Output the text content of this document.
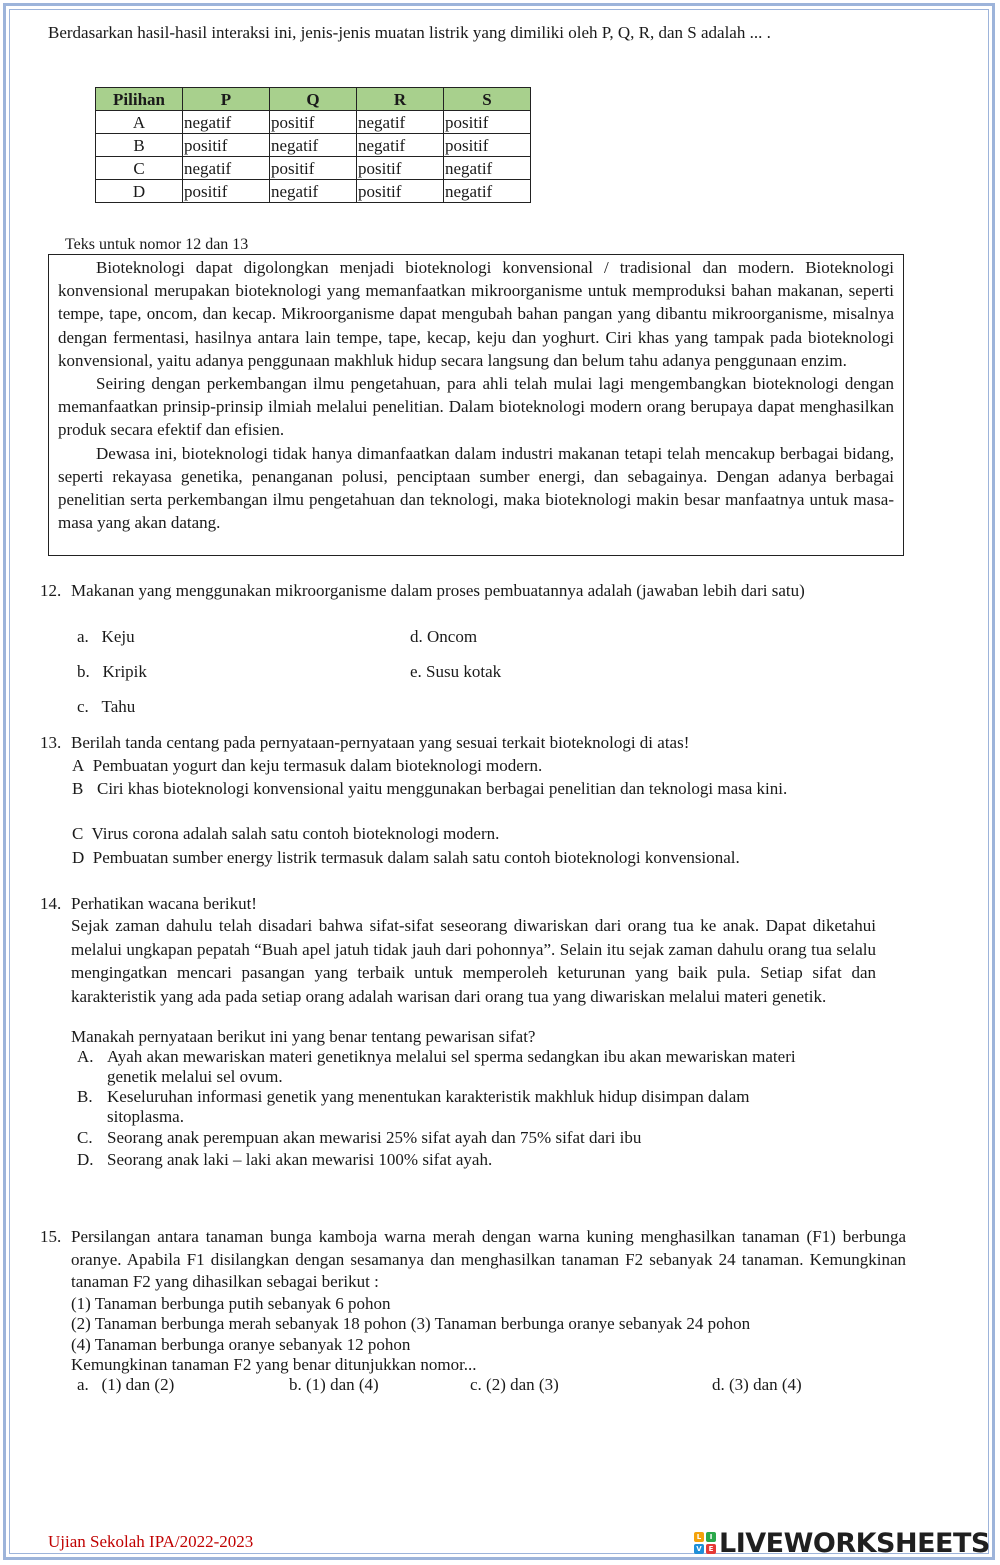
Berdasarkan hasil-hasil interaksi ini, jenis-jenis muatan listrik yang dimiliki oleh P, Q, R, dan S adalah ... .
Pilihan	P	Q	R	S
A	negatif	positif	negatif	positif
B	positif	negatif	negatif	positif
C	negatif	positif	positif	negatif
D	positif	negatif	positif	negatif
Teks untuk nomor 12 dan 13

Bioteknologi dapat digolongkan menjadi bioteknologi konvensional / tradisional dan modern. Bioteknologi konvensional merupakan bioteknologi yang memanfaatkan mikroorganisme untuk memproduksi bahan makanan, seperti tempe, tape, oncom, dan kecap. Mikroorganisme dapat mengubah bahan pangan yang dibantu mikroorganisme, misalnya dengan fermentasi, hasilnya antara lain tempe, tape, kecap, keju dan yoghurt. Ciri khas yang tampak pada bioteknologi konvensional, yaitu adanya penggunaan makhluk hidup secara langsung dan belum tahu adanya penggunaan enzim.

Seiring dengan perkembangan ilmu pengetahuan, para ahli telah mulai lagi mengembangkan bioteknologi dengan memanfaatkan prinsip-prinsip ilmiah melalui penelitian. Dalam bioteknologi modern orang berupaya dapat menghasilkan produk secara efektif dan efisien.

Dewasa ini, bioteknologi tidak hanya dimanfaatkan dalam industri makanan tetapi telah mencakup berbagai bidang, seperti rekayasa genetika, penanganan polusi, penciptaan sumber energi, dan sebagainya. Dengan adanya berbagai penelitian serta perkembangan ilmu pengetahuan dan teknologi, maka bioteknologi makin besar manfaatnya untuk masa-masa yang akan datang.

12. Makanan yang menggunakan mikroorganisme dalam proses pembuatannya adalah (jawaban lebih dari satu)
a. Keju	d. Oncom
b. Kripik	e. Susu kotak
c. Tahu
13. Berilah tanda centang pada pernyataan-pernyataan yang sesuai terkait bioteknologi di atas!
A Pembuatan yogurt dan keju termasuk dalam bioteknologi modern.
B Ciri khas bioteknologi konvensional yaitu menggunakan berbagai penelitian dan teknologi masa kini.
C Virus corona adalah salah satu contoh bioteknologi modern.
D Pembuatan sumber energy listrik termasuk dalam salah satu contoh bioteknologi konvensional.
14. Perhatikan wacana berikut!
Sejak zaman dahulu telah disadari bahwa sifat-sifat seseorang diwariskan dari orang tua ke anak. Dapat diketahui melalui ungkapan pepatah “Buah apel jatuh tidak jauh dari pohonnya”. Selain itu sejak zaman dahulu orang tua selalu mengingatkan mencari pasangan yang terbaik untuk memperoleh keturunan yang baik pula. Setiap sifat dan karakteristik yang ada pada setiap orang adalah warisan dari orang tua yang diwariskan melalui materi genetik.
Manakah pernyataan berikut ini yang benar tentang pewarisan sifat?
A. Ayah akan mewariskan materi genetiknya melalui sel sperma sedangkan ibu akan mewariskan materi genetik melalui sel ovum.
B. Keseluruhan informasi genetik yang menentukan karakteristik makhluk hidup disimpan dalam sitoplasma.
C. Seorang anak perempuan akan mewarisi 25% sifat ayah dan 75% sifat dari ibu
D. Seorang anak laki – laki akan mewarisi 100% sifat ayah.
15. Persilangan antara tanaman bunga kamboja warna merah dengan warna kuning menghasilkan tanaman (F1) berbunga oranye. Apabila F1 disilangkan dengan sesamanya dan menghasilkan tanaman F2 sebanyak 24 tanaman. Kemungkinan tanaman F2 yang dihasilkan sebagai berikut :
(1) Tanaman berbunga putih sebanyak 6 pohon
(2) Tanaman berbunga merah sebanyak 18 pohon (3) Tanaman berbunga oranye sebanyak 24 pohon
(4) Tanaman berbunga oranye sebanyak 12 pohon
Kemungkinan tanaman F2 yang benar ditunjukkan nomor...
a. (1) dan (2)	b. (1) dan (4)	c. (2) dan (3)	d. (3) dan (4)
Ujian Sekolah IPA/2022-2023	L	I
V E LIVEWORKSHEETS
